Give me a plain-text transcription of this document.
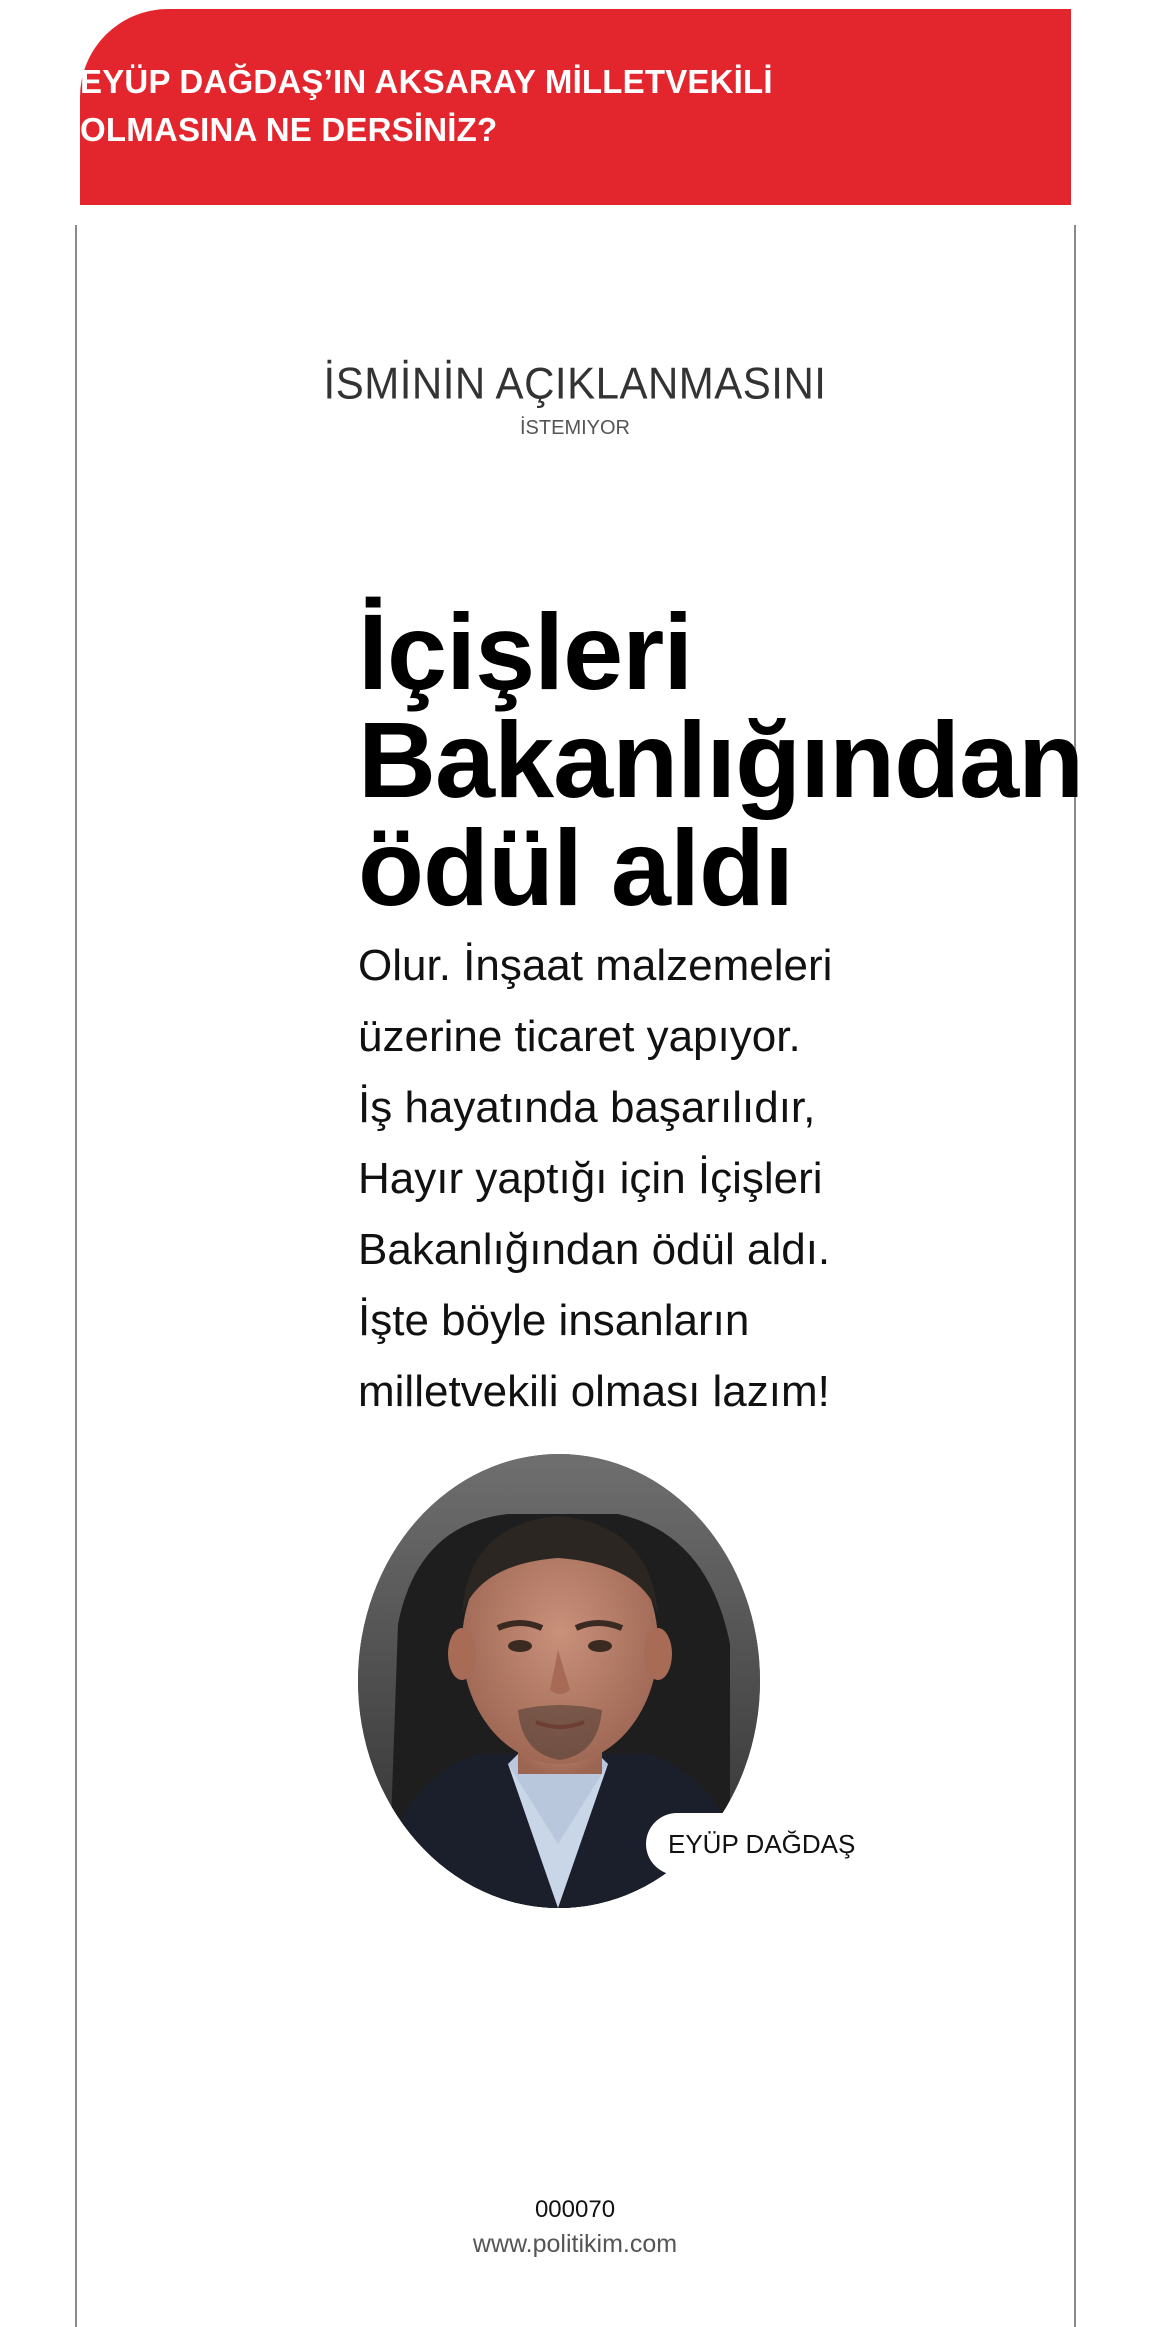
EYÜP DAĞDAŞ’IN AKSARAY MİLLETVEKİLİ
OLMASINA NE DERSİNİZ?
İSMİNİN AÇIKLANMASINI
İSTEMIYOR
İçişleri
Bakanlığından
ödül aldı
Olur. İnşaat malzemeleri
üzerine ticaret yapıyor.
İş hayatında başarılıdır,
Hayır yaptığı için İçişleri
Bakanlığından ödül aldı.
İşte böyle insanların
milletvekili olması lazım!
EYÜP DAĞDAŞ
000070
www.politikim.com
